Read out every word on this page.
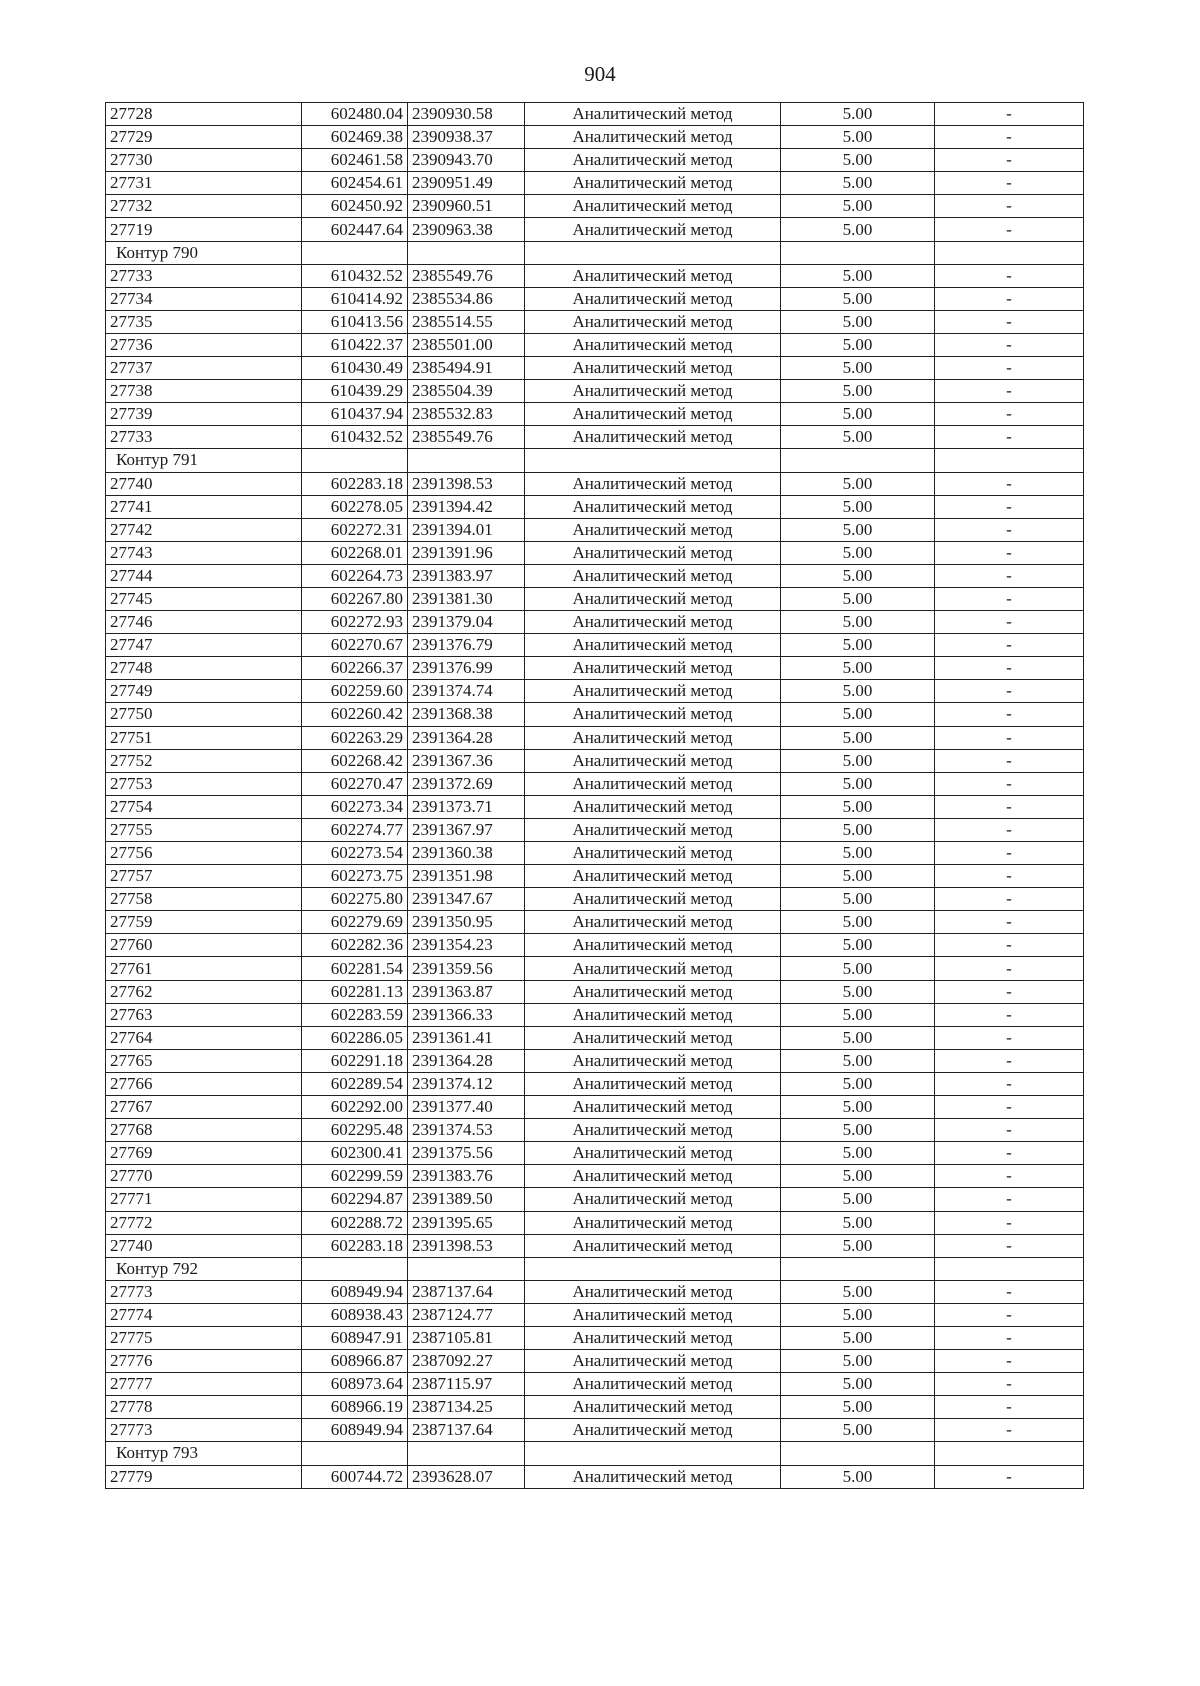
904
27728	602480.04	2390930.58	Аналитический метод	5.00	-
27729	602469.38	2390938.37	Аналитический метод	5.00	-
27730	602461.58	2390943.70	Аналитический метод	5.00	-
27731	602454.61	2390951.49	Аналитический метод	5.00	-
27732	602450.92	2390960.51	Аналитический метод	5.00	-
27719	602447.64	2390963.38	Аналитический метод	5.00	-
Контур 790					
27733	610432.52	2385549.76	Аналитический метод	5.00	-
27734	610414.92	2385534.86	Аналитический метод	5.00	-
27735	610413.56	2385514.55	Аналитический метод	5.00	-
27736	610422.37	2385501.00	Аналитический метод	5.00	-
27737	610430.49	2385494.91	Аналитический метод	5.00	-
27738	610439.29	2385504.39	Аналитический метод	5.00	-
27739	610437.94	2385532.83	Аналитический метод	5.00	-
27733	610432.52	2385549.76	Аналитический метод	5.00	-
Контур 791					
27740	602283.18	2391398.53	Аналитический метод	5.00	-
27741	602278.05	2391394.42	Аналитический метод	5.00	-
27742	602272.31	2391394.01	Аналитический метод	5.00	-
27743	602268.01	2391391.96	Аналитический метод	5.00	-
27744	602264.73	2391383.97	Аналитический метод	5.00	-
27745	602267.80	2391381.30	Аналитический метод	5.00	-
27746	602272.93	2391379.04	Аналитический метод	5.00	-
27747	602270.67	2391376.79	Аналитический метод	5.00	-
27748	602266.37	2391376.99	Аналитический метод	5.00	-
27749	602259.60	2391374.74	Аналитический метод	5.00	-
27750	602260.42	2391368.38	Аналитический метод	5.00	-
27751	602263.29	2391364.28	Аналитический метод	5.00	-
27752	602268.42	2391367.36	Аналитический метод	5.00	-
27753	602270.47	2391372.69	Аналитический метод	5.00	-
27754	602273.34	2391373.71	Аналитический метод	5.00	-
27755	602274.77	2391367.97	Аналитический метод	5.00	-
27756	602273.54	2391360.38	Аналитический метод	5.00	-
27757	602273.75	2391351.98	Аналитический метод	5.00	-
27758	602275.80	2391347.67	Аналитический метод	5.00	-
27759	602279.69	2391350.95	Аналитический метод	5.00	-
27760	602282.36	2391354.23	Аналитический метод	5.00	-
27761	602281.54	2391359.56	Аналитический метод	5.00	-
27762	602281.13	2391363.87	Аналитический метод	5.00	-
27763	602283.59	2391366.33	Аналитический метод	5.00	-
27764	602286.05	2391361.41	Аналитический метод	5.00	-
27765	602291.18	2391364.28	Аналитический метод	5.00	-
27766	602289.54	2391374.12	Аналитический метод	5.00	-
27767	602292.00	2391377.40	Аналитический метод	5.00	-
27768	602295.48	2391374.53	Аналитический метод	5.00	-
27769	602300.41	2391375.56	Аналитический метод	5.00	-
27770	602299.59	2391383.76	Аналитический метод	5.00	-
27771	602294.87	2391389.50	Аналитический метод	5.00	-
27772	602288.72	2391395.65	Аналитический метод	5.00	-
27740	602283.18	2391398.53	Аналитический метод	5.00	-
Контур 792					
27773	608949.94	2387137.64	Аналитический метод	5.00	-
27774	608938.43	2387124.77	Аналитический метод	5.00	-
27775	608947.91	2387105.81	Аналитический метод	5.00	-
27776	608966.87	2387092.27	Аналитический метод	5.00	-
27777	608973.64	2387115.97	Аналитический метод	5.00	-
27778	608966.19	2387134.25	Аналитический метод	5.00	-
27773	608949.94	2387137.64	Аналитический метод	5.00	-
Контур 793					
27779	600744.72	2393628.07	Аналитический метод	5.00	-
